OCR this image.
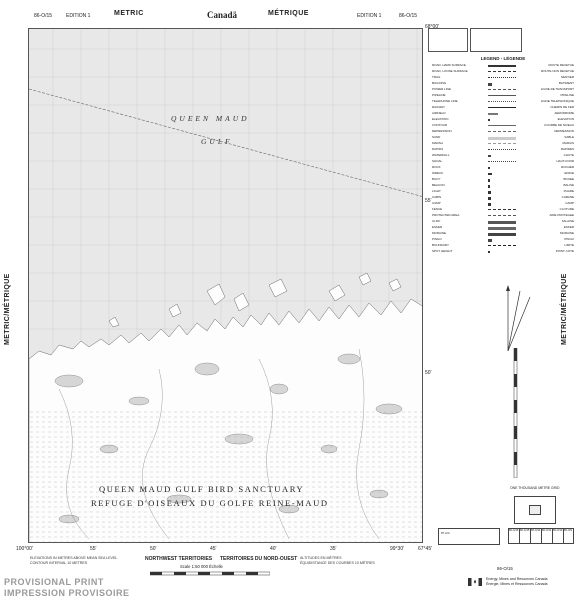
86-O/15	EDITION 1	METRIC	Canadä	MÉTRIQUE	EDITION 1	86-O/15
METRIC/MÉTRIQUE	METRIC/MÉTRIQUE
QUEEN MAUD
GULF
QUEEN MAUD GULF BIRD SANCTUARY
REFUGE D'OISEAUX DU GOLFE REINE-MAUD
68°00'
55'
50'
100°00'	67°45'
55'	50'	45'	40'	35'	99°30'
LEGEND - LÉGENDE
ROAD, HARD SURFACE	ROUTE REVÊTUE
ROAD, LOOSE SURFACE	ROUTE NON REVÊTUE
TRAIL	SENTIER
BUILDING	BÂTIMENT
POWER LINE	LIGNE DE TRANSPORT
PIPELINE	PIPELINE
TELEPHONE LINE	LIGNE TÉLÉPHONIQUE
RAILWAY	CHEMIN DE FER
AIRFIELD	AÉRODROME
ELEVATION	ÉLÉVATION
CONTOUR	COURBE DE NIVEAU
DEPRESSION	DÉPRESSION
SAND	SABLE
MARSH	MARAIS
RAPIDS	RAPIDES
WATERFALL	CHUTE
SHOAL	HAUT-FOND
ROCK	ROCHER
WRECK	ÉPAVE
BUOY	BOUÉE
BEACON	BALISE
LIGHT	PHARE
CABIN	CABANE
CAMP	CAMP
FENCE	CLÔTURE
PROTECTED AREA	AIRE PROTÉGÉE
CLIFF	FALAISE
ESKER	ESKER
MORAINE	MORAINE
PINGO	PINGO
BOUNDARY	LIMITE
SPOT HEIGHT	POINT COTÉ
ONE THOUSAND METRE GRID
87 A/4
86-O/16 86-O/15 86-O/14 86-O/11 86-O/10 86-O/9
ELEVATIONS IN METRES ABOVE MEAN SEA LEVEL
CONTOUR INTERVAL 10 METRES
NORTHWEST TERRITORIES TERRITOIRES DU NORD-OUEST
Scale 1:50 000 Échelle
ALTITUDES EN MÈTRES
ÉQUIDISTANCE DES COURBES 10 MÈTRES
Energy, Mines and Resources Canada
Énergie, Mines et Ressources Canada
86-O/15
PROVISIONAL PRINT
IMPRESSION PROVISOIRE
